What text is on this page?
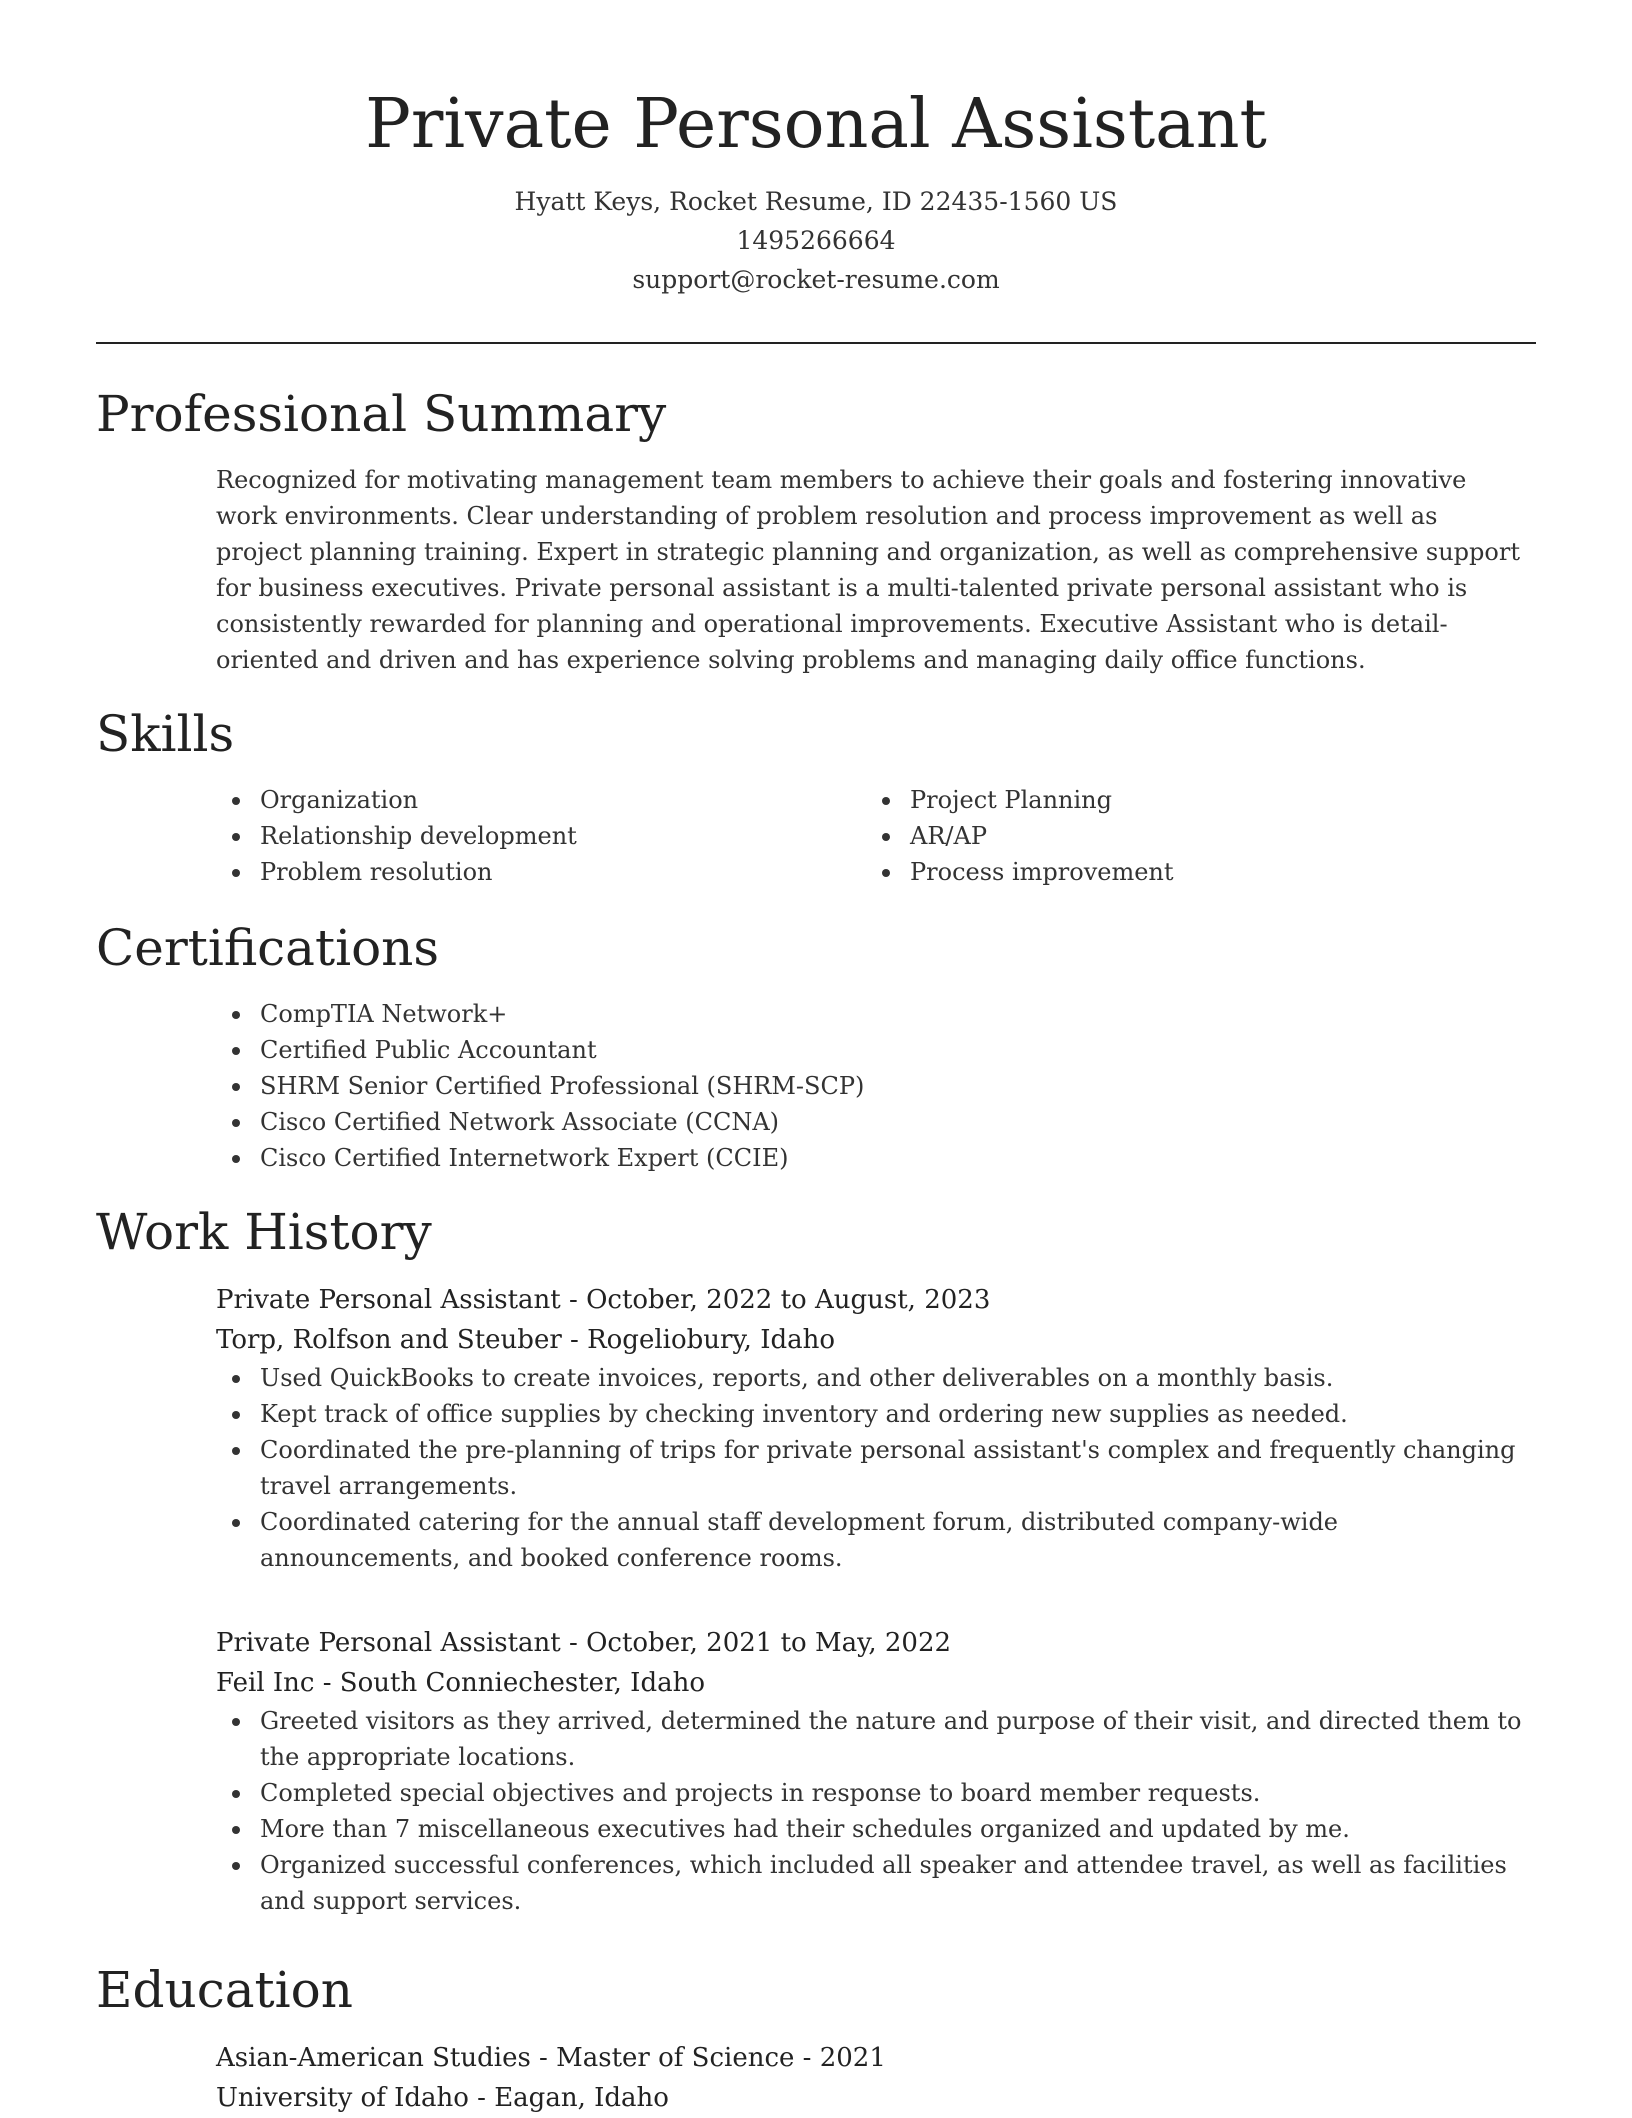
Private Personal Assistant
Hyatt Keys, Rocket Resume, ID 22435-1560 US
1495266664
support@rocket-resume.com
Professional Summary

Recognized for motivating management team members to achieve their goals and fostering innovative work environments. Clear understanding of problem resolution and process improvement as well as project planning training. Expert in strategic planning and organization, as well as comprehensive support for business executives. Private personal assistant is a multi-talented private personal assistant who is consistently rewarded for planning and operational improvements. Executive Assistant who is detail-oriented and driven and has experience solving problems and managing daily office functions.

Skills
Organization
Relationship development
Problem resolution
Project Planning
AR/AP
Process improvement
Certifications
CompTIA Network+
Certified Public Accountant
SHRM Senior Certified Professional (SHRM-SCP)
Cisco Certified Network Associate (CCNA)
Cisco Certified Internetwork Expert (CCIE)
Work History
Private Personal Assistant - October, 2022 to August, 2023
Torp, Rolfson and Steuber - Rogeliobury, Idaho
Used QuickBooks to create invoices, reports, and other deliverables on a monthly basis.
Kept track of office supplies by checking inventory and ordering new supplies as needed.
Coordinated the pre-planning of trips for private personal assistant's complex and frequently changing travel arrangements.
Coordinated catering for the annual staff development forum, distributed company-wide announcements, and booked conference rooms.
Private Personal Assistant - October, 2021 to May, 2022
Feil Inc - South Conniechester, Idaho
Greeted visitors as they arrived, determined the nature and purpose of their visit, and directed them to the appropriate locations.
Completed special objectives and projects in response to board member requests.
More than 7 miscellaneous executives had their schedules organized and updated by me.
Organized successful conferences, which included all speaker and attendee travel, as well as facilities and support services.
Education
Asian-American Studies - Master of Science - 2021
University of Idaho - Eagan, Idaho
